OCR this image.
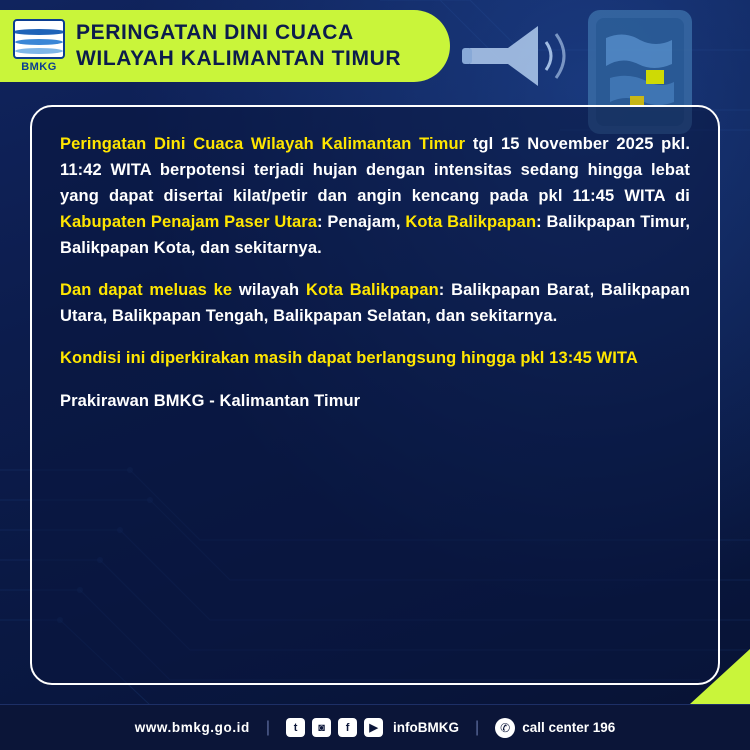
BMKG
PERINGATAN DINI CUACA
WILAYAH KALIMANTAN TIMUR

Peringatan Dini Cuaca Wilayah Kalimantan Timur tgl 15 November 2025 pkl. 11:42 WITA berpotensi terjadi hujan dengan intensitas sedang hingga lebat yang dapat disertai kilat/petir dan angin kencang pada pkl 11:45 WITA di Kabupaten Penajam Paser Utara: Penajam, Kota Balikpapan: Balikpapan Timur, Balikpapan Kota, dan sekitarnya.

Dan dapat meluas ke wilayah Kota Balikpapan: Balikpapan Barat, Balikpapan Utara, Balikpapan Tengah, Balikpapan Selatan, dan sekitarnya.

Kondisi ini diperkirakan masih dapat berlangsung hingga pkl 13:45 WITA

Prakirawan BMKG - Kalimantan Timur

www.bmkg.go.id |	t	◙	f	▶	infoBMKG |	✆ call center 196
